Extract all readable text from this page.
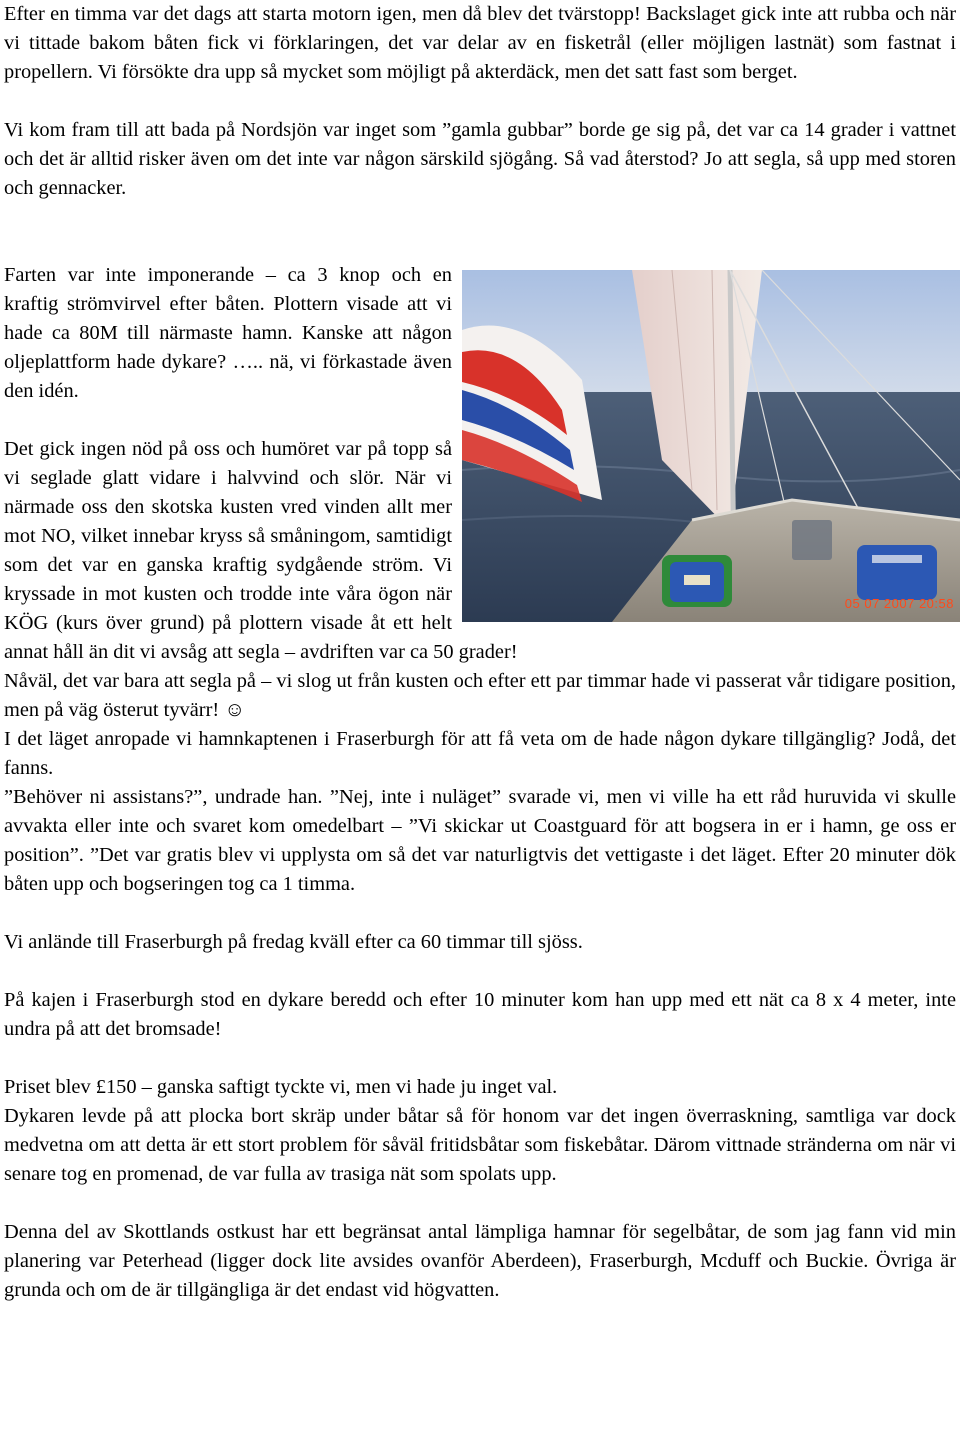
Efter en timma var det dags att starta motorn igen, men då blev det tvärstopp! Backslaget gick inte att rubba och när vi tittade bakom båten fick vi förklaringen, det var delar av en fisketrål (eller möjligen lastnät) som fastnat i propellern. Vi försökte dra upp så mycket som möjligt på akterdäck, men det satt fast som berget.

Vi kom fram till att bada på Nordsjön var inget som ”gamla gubbar” borde ge sig på, det var ca 14 grader i vattnet och det är alltid risker även om det inte var någon särskild sjögång. Så vad återstod? Jo att segla, så upp med storen och gennacker.

05 07 2007 20:58

Farten var inte imponerande – ca 3 knop och en kraftig strömvirvel efter båten. Plottern visade att vi hade ca 80M till närmaste hamn. Kanske att någon oljeplattform hade dykare? ….. nä, vi förkastade även den idén.

Det gick ingen nöd på oss och humöret var på topp så vi seglade glatt vidare i halvvind och slör. När vi närmade oss den skotska kusten vred vinden allt mer mot NO, vilket innebar kryss så småningom, samtidigt som det var en ganska kraftig sydgående ström. Vi kryssade in mot kusten och trodde inte våra ögon när KÖG (kurs över grund) på plottern visade åt ett helt annat håll än dit vi avsåg att segla – avdriften var ca 50 grader!

Nåväl, det var bara att segla på – vi slog ut från kusten och efter ett par timmar hade vi passerat vår tidigare position, men på väg österut tyvärr! ☺

I det läget anropade vi hamnkaptenen i Fraserburgh för att få veta om de hade någon dykare tillgänglig? Jodå, det fanns.

”Behöver ni assistans?”, undrade han. ”Nej, inte i nuläget” svarade vi, men vi ville ha ett råd huruvida vi skulle avvakta eller inte och svaret kom omedelbart – ”Vi skickar ut Coastguard för att bogsera in er i hamn, ge oss er position”. ”Det var gratis blev vi upplysta om så det var naturligtvis det vettigaste i det läget. Efter 20 minuter dök båten upp och bogseringen tog ca 1 timma.

Vi anlände till Fraserburgh på fredag kväll efter ca 60 timmar till sjöss.

På kajen i Fraserburgh stod en dykare beredd och efter 10 minuter kom han upp med ett nät ca 8 x 4 meter, inte undra på att det bromsade!

Priset blev £150 – ganska saftigt tyckte vi, men vi hade ju inget val.

Dykaren levde på att plocka bort skräp under båtar så för honom var det ingen överraskning, samtliga var dock medvetna om att detta är ett stort problem för såväl fritidsbåtar som fiskebåtar. Därom vittnade stränderna om när vi senare tog en promenad, de var fulla av trasiga nät som spolats upp.

Denna del av Skottlands ostkust har ett begränsat antal lämpliga hamnar för segelbåtar, de som jag fann vid min planering var Peterhead (ligger dock lite avsides ovanför Aberdeen), Fraserburgh, Mcduff och Buckie. Övriga är grunda och om de är tillgängliga är det endast vid högvatten.
